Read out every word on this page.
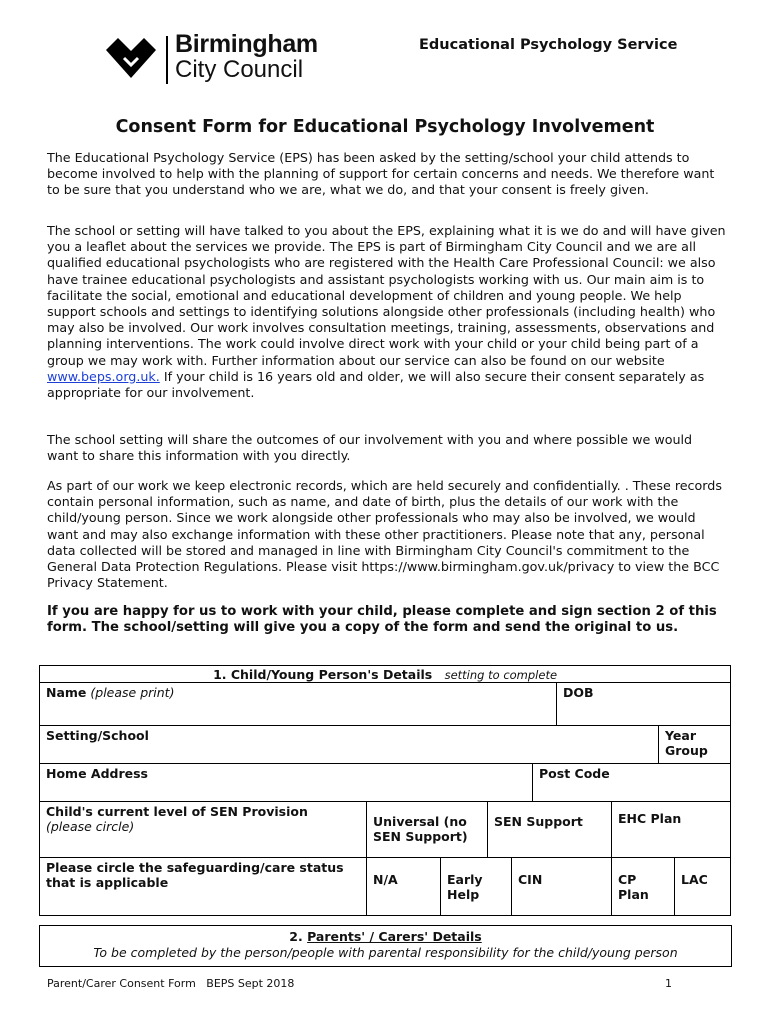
Birmingham
City Council
Educational Psychology Service
Consent Form for Educational Psychology Involvement

The Educational Psychology Service (EPS) has been asked by the setting/school your child attends to become involved to help with the planning of support for certain concerns and needs. We therefore want to be sure that you understand who we are, what we do, and that your consent is freely given.

The school or setting will have talked to you about the EPS, explaining what it is we do and will have given you a leaflet about the services we provide. The EPS is part of Birmingham City Council and we are all qualified educational psychologists who are registered with the Health Care Professional Council: we also have trainee educational psychologists and assistant psychologists working with us. Our main aim is to facilitate the social, emotional and educational development of children and young people. We help support schools and settings to identifying solutions alongside other professionals (including health) who may also be involved. Our work involves consultation meetings, training, assessments, observations and planning interventions. The work could involve direct work with your child or your child being part of a group we may work with. Further information about our service can also be found on our website www.beps.org.uk. If your child is 16 years old and older, we will also secure their consent separately as appropriate for our involvement.

The school setting will share the outcomes of our involvement with you and where possible we would want to share this information with you directly.

As part of our work we keep electronic records, which are held securely and confidentially. . These records contain personal information, such as name, and date of birth, plus the details of our work with the child/young person. Since we work alongside other professionals who may also be involved, we would want and may also exchange information with these other practitioners. Please note that any, personal data collected will be stored and managed in line with Birmingham City Council's commitment to the General Data Protection Regulations. Please visit https://www.birmingham.gov.uk/privacy to view the BCC Privacy Statement.

If you are happy for us to work with your child, please complete and sign section 2 of this form. The school/setting will give you a copy of the form and send the original to us.

1. Child/Young Person's Details setting to complete									
Name (please print)						DOB			
Setting/School								Year Group	
Home Address					Post Code				

Child's current level of SEN Provision
(please circle)	Universal (no SEN Support)		SEN Support				EHC Plan		
Please circle the safeguarding/care status that is applicable	N/A	Early Help		CIN			CP Plan		LAC
2. Parents' / Carers' Details
To be completed by the person/people with parental responsibility for the child/young person
Parent/Carer Consent Form   BEPS Sept 2018	1
